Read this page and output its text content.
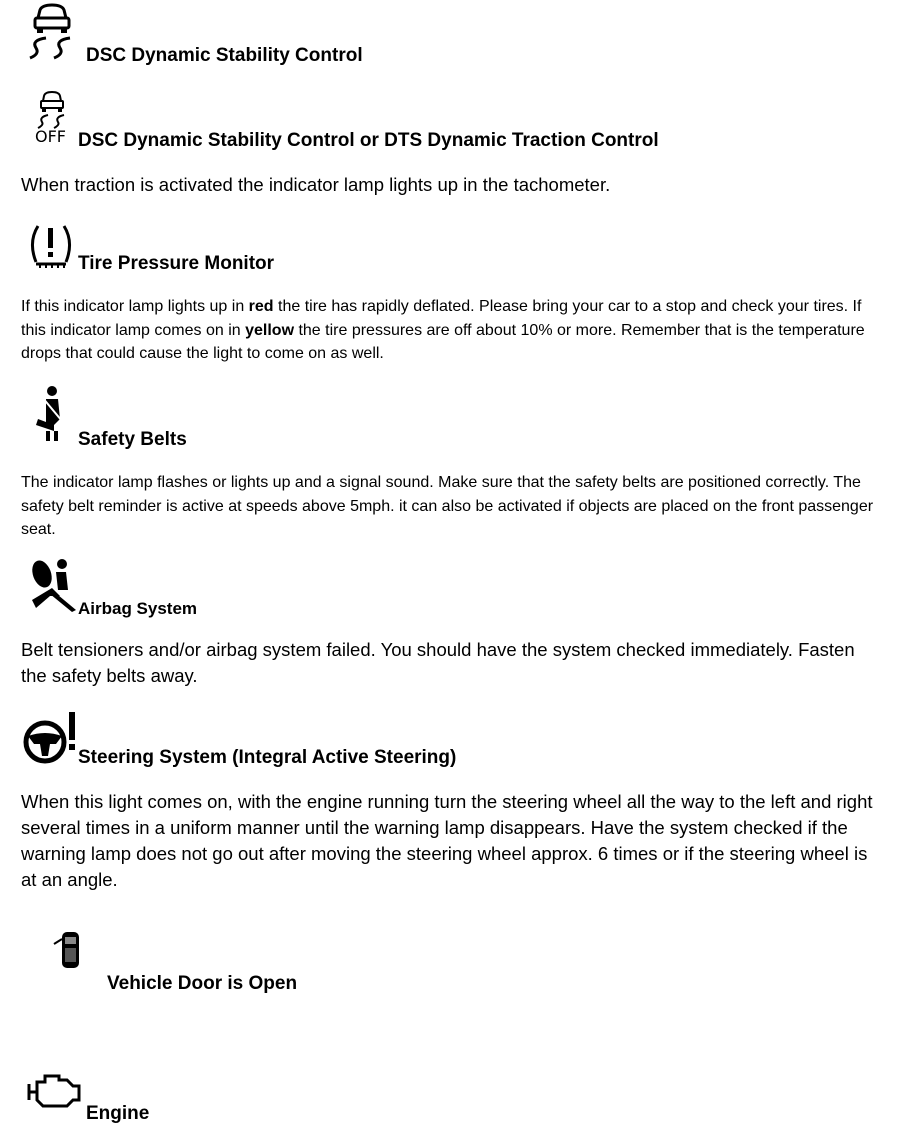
DSC Dynamic Stability Control
OFF DSC Dynamic Stability Control or DTS Dynamic Traction Control
When traction is activated the indicator lamp lights up in the tachometer.
Tire Pressure Monitor
If this indicator lamp lights up in red the tire has rapidly deflated. Please bring your car to a stop and check your tires. If this indicator lamp comes on in yellow the tire pressures are off about 10% or more. Remember that is the temperature drops that could cause the light to come on as well.
Safety Belts
The indicator lamp flashes or lights up and a signal sound. Make sure that the safety belts are positioned correctly. The safety belt reminder is active at speeds above 5mph. it can also be activated if objects are placed on the front passenger seat.
Airbag System
Belt tensioners and/or airbag system failed. You should have the system checked immediately. Fasten the safety belts away.
Steering System (Integral Active Steering)
When this light comes on, with the engine running turn the steering wheel all the way to the left and right several times in a uniform manner until the warning lamp disappears. Have the system checked if the warning lamp does not go out after moving the steering wheel approx. 6 times or if the steering wheel is at an angle.
Vehicle Door is Open
Engine
